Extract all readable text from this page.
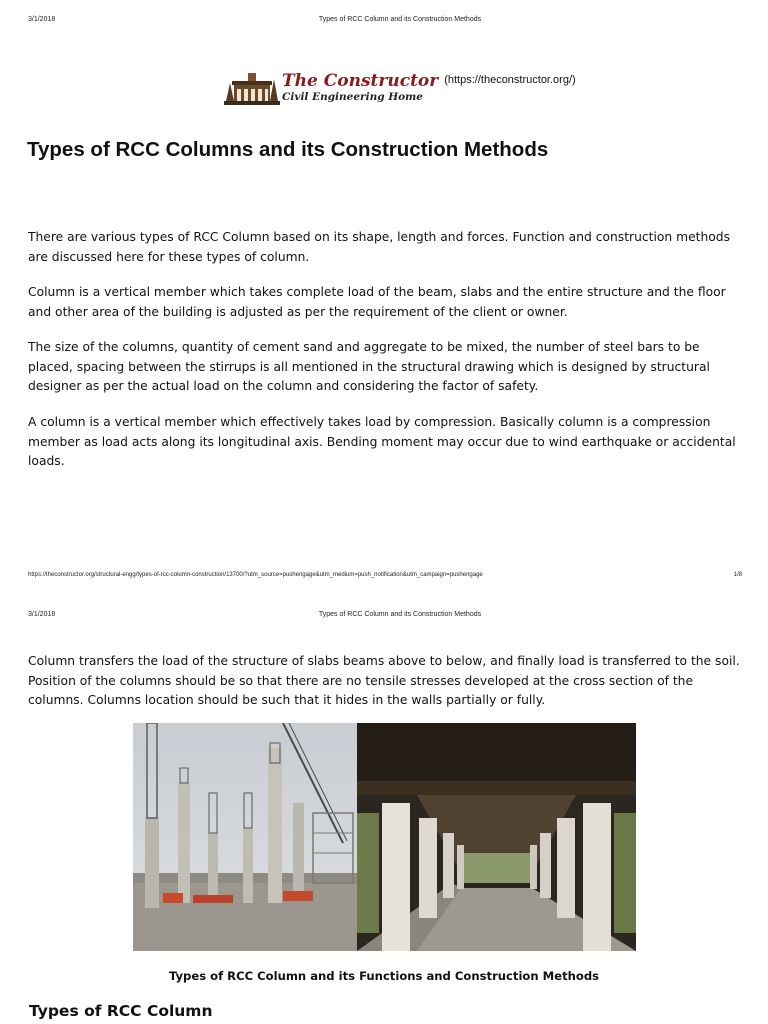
3/1/2018	Types of RCC Column and its Construction Methods
The Constructor
Civil Engineering Home
(https://theconstructor.org/)
Types of RCC Columns and its Construction Methods

There are various types of RCC Column based on its shape, length and forces. Function and construction methods are discussed here for these types of column.

Column is a vertical member which takes complete load of the beam, slabs and the entire structure and the floor and other area of the building is adjusted as per the requirement of the client or owner.

The size of the columns, quantity of cement sand and aggregate to be mixed, the number of steel bars to be placed, spacing between the stirrups is all mentioned in the structural drawing which is designed by structural designer as per the actual load on the column and considering the factor of safety.

A column is a vertical member which effectively takes load by compression. Basically column is a compression member as load acts along its longitudinal axis. Bending moment may occur due to wind earthquake or accidental loads.

https://theconstructor.org/structural-engg/types-of-rcc-column-construction/13700/?utm_source=pushengage&utm_medium=push_notification&utm_campaign=pushengage	1/8
3/1/2018	Types of RCC Column and its Construction Methods

Column transfers the load of the structure of slabs beams above to below, and finally load is transferred to the soil. Position of the columns should be so that there are no tensile stresses developed at the cross section of the columns. Columns location should be such that it hides in the walls partially or fully.

Types of RCC Column and its Functions and Construction Methods

Types of RCC Column
